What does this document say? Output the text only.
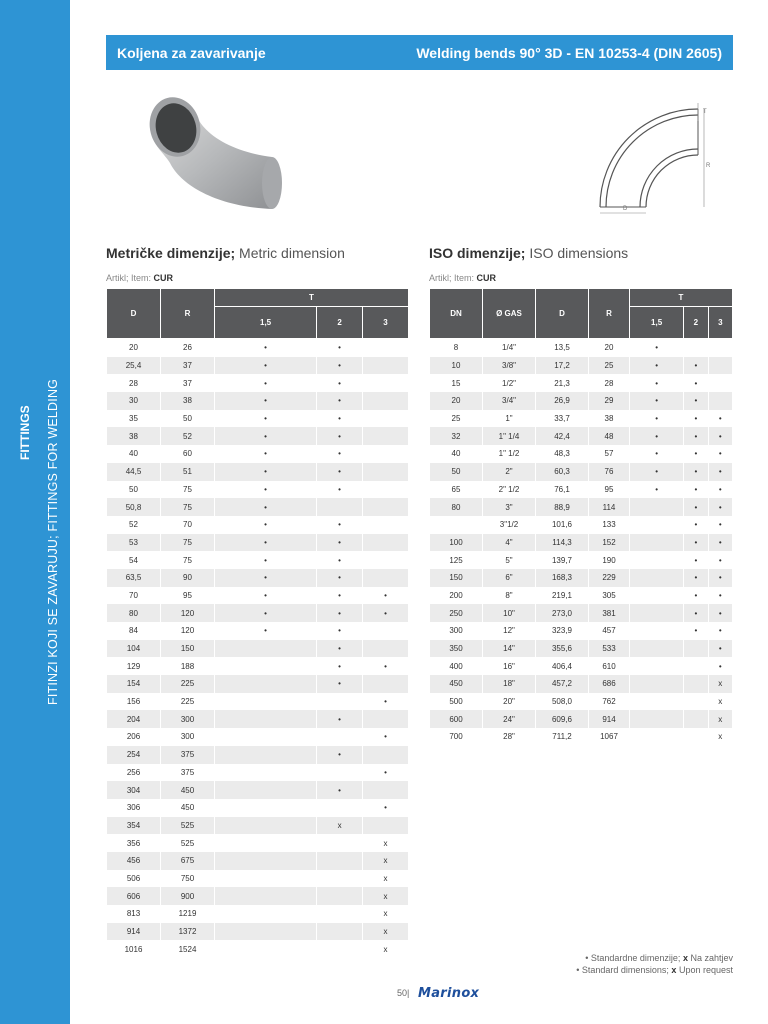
FITTINGS FITINZI KOJI SE ZAVARUJU; FITTINGS FOR WELDING
Koljena za zavarivanje	Welding bends 90° 3D - EN 10253-4 (DIN 2605)
T
R
D
Metričke dimenzije; Metric dimension
Artikl; Item: CUR
ISO dimenzije; ISO dimensions
Artikl; Item: CUR
D	R	T		
		1,5	2	3
20	26	•	•	
25,4	37	•	•	
28	37	•	•	
30	38	•	•	
35	50	•	•	
38	52	•	•	
40	60	•	•	
44,5	51	•	•	
50	75	•	•	
50,8	75	•		
52	70	•	•	
53	75	•	•	
54	75	•	•	
63,5	90	•	•	
70	95	•	•	•
80	120	•	•	•
84	120	•	•	
104	150		•	
129	188		•	•
154	225		•	
156	225			•
204	300		•	
206	300			•
254	375		•	
256	375			•
304	450		•	
306	450			•
354	525		x	
356	525			x
456	675			x
506	750			x
606	900			x
813	1219			x
914	1372			x
1016	1524			x
DN	Ø GAS	D	R	T		
				1,5	2	3
8	1/4"	13,5	20	•		
10	3/8"	17,2	25	•	•	
15	1/2"	21,3	28	•	•	
20	3/4"	26,9	29	•	•	
25	1"	33,7	38	•	•	•
32	1" 1/4	42,4	48	•	•	•
40	1" 1/2	48,3	57	•	•	•
50	2"	60,3	76	•	•	•
65	2" 1/2	76,1	95	•	•	•
80	3"	88,9	114		•	•
	3"1/2	101,6	133		•	•
100	4"	114,3	152		•	•
125	5"	139,7	190		•	•
150	6"	168,3	229		•	•
200	8"	219,1	305		•	•
250	10"	273,0	381		•	•
300	12"	323,9	457		•	•
350	14"	355,6	533			•
400	16"	406,4	610			•
450	18"	457,2	686			x
500	20"	508,0	762			x
600	24"	609,6	914			x
700	28"	711,2	1067			x
• Standardne dimenzije; x Na zahtjev
• Standard dimensions; x Upon request
50| Marinox
